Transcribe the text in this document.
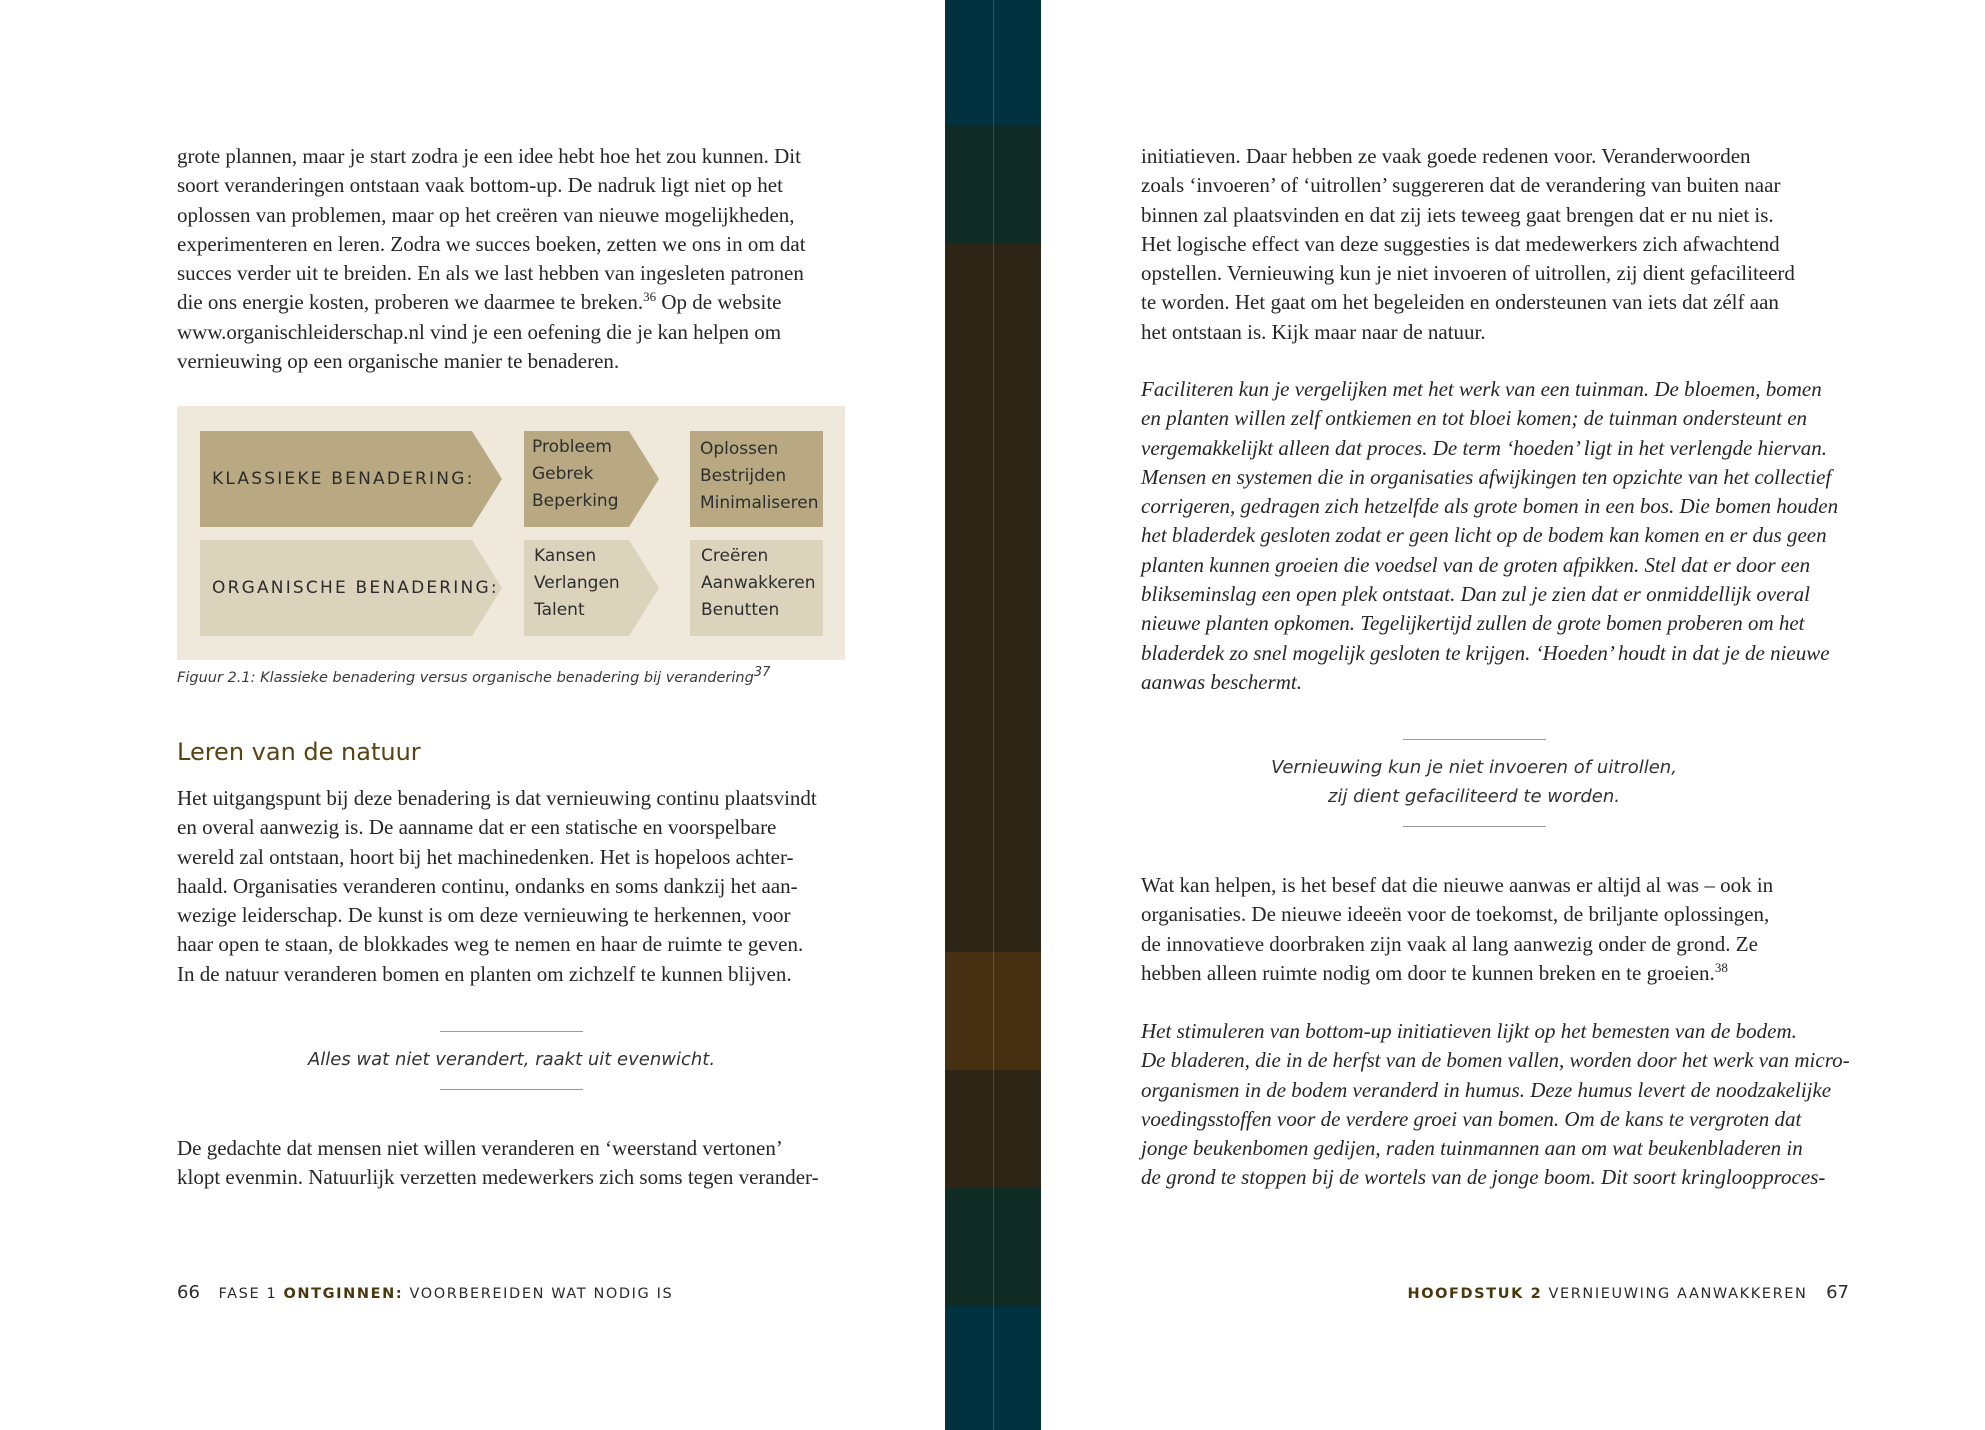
grote plannen, maar je start zodra je een idee hebt hoe het zou kunnen. Dit
soort veranderingen ontstaan vaak bottom-up. De nadruk ligt niet op het
oplossen van problemen, maar op het creëren van nieuwe mogelijkheden,
experimenteren en leren. Zodra we succes boeken, zetten we ons in om dat
succes verder uit te breiden. En als we last hebben van ingesleten patronen
die ons energie kosten, proberen we daarmee te breken.$^{36}$ Op de website
www.organischleiderschap.nl vind je een oefening die je kan helpen om
vernieuwing op een organische manier te benaderen.
KLASSIEKE BENADERING:
Probleem
Gebrek
Beperking
Oplossen
Bestrijden
Minimaliseren
ORGANISCHE BENADERING:
Kansen
Verlangen
Talent
Creëren
Aanwakkeren
Benutten
Figuur 2.1: Klassieke benadering versus organische benadering bij verandering$^{37}$
Leren van de natuur
Het uitgangspunt bij deze benadering is dat vernieuwing continu plaatsvindt
en overal aanwezig is. De aanname dat er een statische en voorspelbare
wereld zal ontstaan, hoort bij het machinedenken. Het is hopeloos achter-
haald. Organisaties veranderen continu, ondanks en soms dankzij het aan-
wezige leiderschap. De kunst is om deze vernieuwing te herkennen, voor
haar open te staan, de blokkades weg te nemen en haar de ruimte te geven.
In de natuur veranderen bomen en planten om zichzelf te kunnen blijven.
Alles wat niet verandert, raakt uit evenwicht.
De gedachte dat mensen niet willen veranderen en ‘weerstand vertonen’
klopt evenmin. Natuurlijk verzetten medewerkers zich soms tegen verander-
66 FASE 1 ONTGINNEN: VOORBEREIDEN WAT NODIG IS
initiatieven. Daar hebben ze vaak goede redenen voor. Veranderwoorden
zoals ‘invoeren’ of ‘uitrollen’ suggereren dat de verandering van buiten naar
binnen zal plaatsvinden en dat zij iets teweeg gaat brengen dat er nu niet is.
Het logische effect van deze suggesties is dat medewerkers zich afwachtend
opstellen. Vernieuwing kun je niet invoeren of uitrollen, zij dient gefaciliteerd
te worden. Het gaat om het begeleiden en ondersteunen van iets dat zélf aan
het ontstaan is. Kijk maar naar de natuur.
Faciliteren kun je vergelijken met het werk van een tuinman. De bloemen, bomen
en planten willen zelf ontkiemen en tot bloei komen; de tuinman ondersteunt en
vergemakkelijkt alleen dat proces. De term ‘hoeden’ ligt in het verlengde hiervan.
Mensen en systemen die in organisaties afwijkingen ten opzichte van het collectief
corrigeren, gedragen zich hetzelfde als grote bomen in een bos. Die bomen houden
het bladerdek gesloten zodat er geen licht op de bodem kan komen en er dus geen
planten kunnen groeien die voedsel van de groten afpikken. Stel dat er door een
blikseminslag een open plek ontstaat. Dan zul je zien dat er onmiddellijk overal
nieuwe planten opkomen. Tegelijkertijd zullen de grote bomen proberen om het
bladerdek zo snel mogelijk gesloten te krijgen. ‘Hoeden’ houdt in dat je de nieuwe
aanwas beschermt.
Vernieuwing kun je niet invoeren of uitrollen,
zij dient gefaciliteerd te worden.
Wat kan helpen, is het besef dat die nieuwe aanwas er altijd al was – ook in
organisaties. De nieuwe ideeën voor de toekomst, de briljante oplossingen,
de innovatieve doorbraken zijn vaak al lang aanwezig onder de grond. Ze
hebben alleen ruimte nodig om door te kunnen breken en te groeien.$^{38}$
Het stimuleren van bottom-up initiatieven lijkt op het bemesten van de bodem.
De bladeren, die in de herfst van de bomen vallen, worden door het werk van micro-
organismen in de bodem veranderd in humus. Deze humus levert de noodzakelijke
voedingsstoffen voor de verdere groei van bomen. Om de kans te vergroten dat
jonge beukenbomen gedijen, raden tuinmannen aan om wat beukenbladeren in
de grond te stoppen bij de wortels van de jonge boom. Dit soort kringloopproces-
HOOFDSTUK 2 VERNIEUWING AANWAKKEREN 67
